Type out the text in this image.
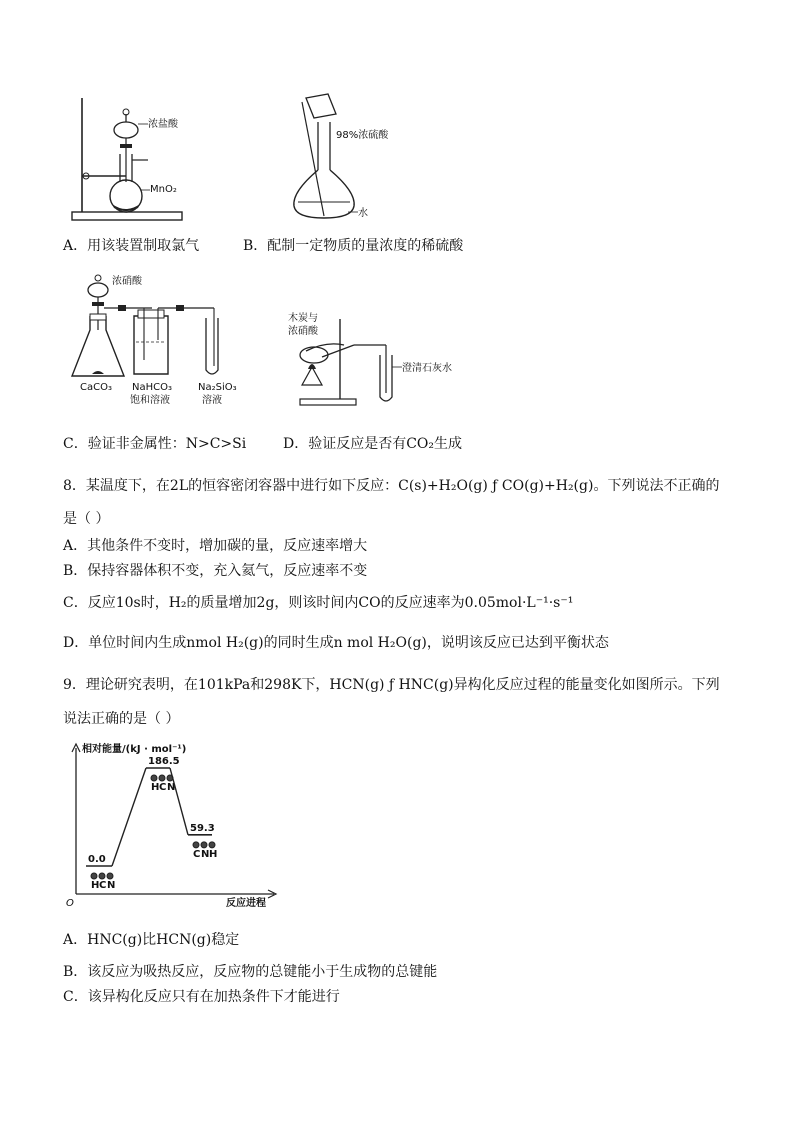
浓盐酸
MnO₂
98%浓硫酸
水
A．用该装置制取氯气	B．配制一定物质的量浓度的稀硫酸
浓硝酸
CaCO₃ NaHCO₃
饱和溶液
Na₂SiO₃
溶液
木炭与
浓硝酸
澄清石灰水
C．验证非金属性：N>C>Si	D．验证反应是否有CO₂生成
8．某温度下，在2L的恒容密闭容器中进行如下反应：C(s)+H₂O(g) ƒ CO(g)+H₂(g)。下列说法不正确的
是（ ）
A．其他条件不变时，增加碳的量，反应速率增大
B．保持容器体积不变，充入氦气，反应速率不变
C．反应10s时，H₂的质量增加2g，则该时间内CO的反应速率为0.05mol·L⁻¹·s⁻¹
D．单位时间内生成nmol H₂(g)的同时生成n mol H₂O(g)，说明该反应已达到平衡状态
9．理论研究表明，在101kPa和298K下，HCN(g) ƒ HNC(g)异构化反应过程的能量变化如图所示。下列
说法正确的是（ ）
相对能量/(kJ · mol⁻¹)
反应进程
O
0.0
H C N
186.5
H C N
59.3
C N H
A．HNC(g)比HCN(g)稳定
B．该反应为吸热反应，反应物的总键能小于生成物的总键能
C．该异构化反应只有在加热条件下才能进行
